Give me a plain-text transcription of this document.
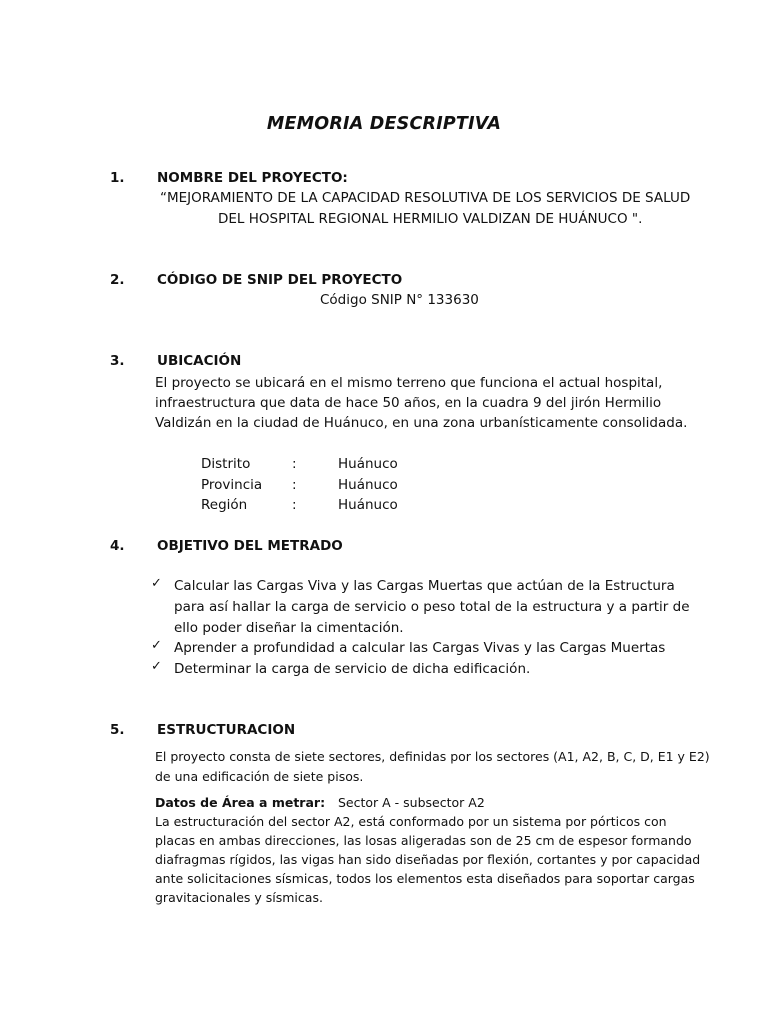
MEMORIA DESCRIPTIVA
1. NOMBRE DEL PROYECTO:
“MEJORAMIENTO DE LA CAPACIDAD RESOLUTIVA DE LOS SERVICIOS DE SALUD
DEL HOSPITAL REGIONAL HERMILIO VALDIZAN DE HUÁNUCO ".
2. CÓDIGO DE SNIP DEL PROYECTO
Código SNIP N° 133630
3. UBICACIÓN
El proyecto se ubicará en el mismo terreno que funciona el actual hospital,
infraestructura que data de hace 50 años, en la cuadra 9 del jirón Hermilio
Valdizán en la ciudad de Huánuco, en una zona urbanísticamente consolidada.
Distrito	:	Huánuco
Provincia :	Huánuco
Región	:	Huánuco
4. OBJETIVO DEL METRADO
✓ Calcular las Cargas Viva y las Cargas Muertas que actúan de la Estructura
para así hallar la carga de servicio o peso total de la estructura y a partir de
ello poder diseñar la cimentación.
✓ Aprender a profundidad a calcular las Cargas Vivas y las Cargas Muertas
✓ Determinar la carga de servicio de dicha edificación.
5. ESTRUCTURACION
El proyecto consta de siete sectores, definidas por los sectores (A1, A2, B, C, D, E1 y E2)
de una edificación de siete pisos.
Datos de Área a metrar: Sector A - subsector A2
La estructuración del sector A2, está conformado por un sistema por pórticos con
placas en ambas direcciones, las losas aligeradas son de 25 cm de espesor formando
diafragmas rígidos, las vigas han sido diseñadas por flexión, cortantes y por capacidad
ante solicitaciones sísmicas, todos los elementos esta diseñados para soportar cargas
gravitacionales y sísmicas.
